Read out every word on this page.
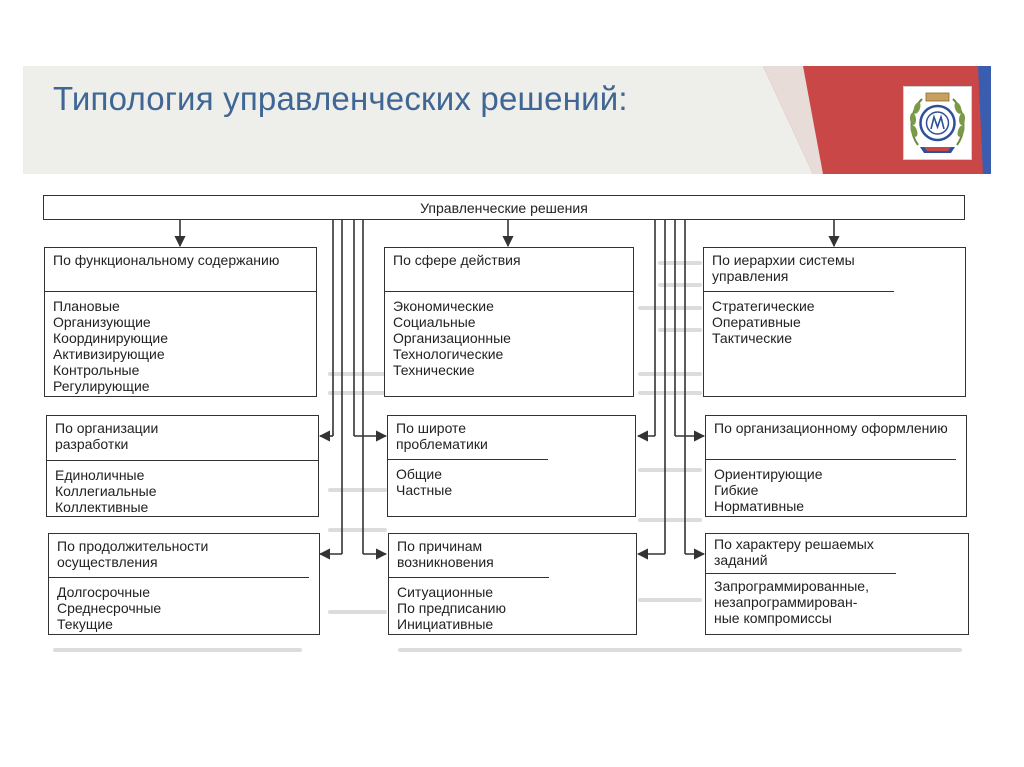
Типология управленческих решений:
Управленческие решения
По функциональному содержанию
Плановые
Организующие
Координирующие
Активизирующие
Контрольные
Регулирующие
По сфере действия
Экономические
Социальные
Организационные
Технологические
Технические
По иерархии системы управления
Стратегические
Оперативные
Тактические
По организации разработки
Единоличные
Коллегиальные
Коллективные
По широте проблематики
Общие
Частные
По организационному оформлению
Ориентирующие
Гибкие
Нормативные
По продолжительности осуществления
Долгосрочные
Среднесрочные
Текущие
По причинам возникновения
Ситуационные
По предписанию
Инициативные
По характеру решаемых заданий
Запрограммированные,
незапрограммирован-
ные компромиссы
